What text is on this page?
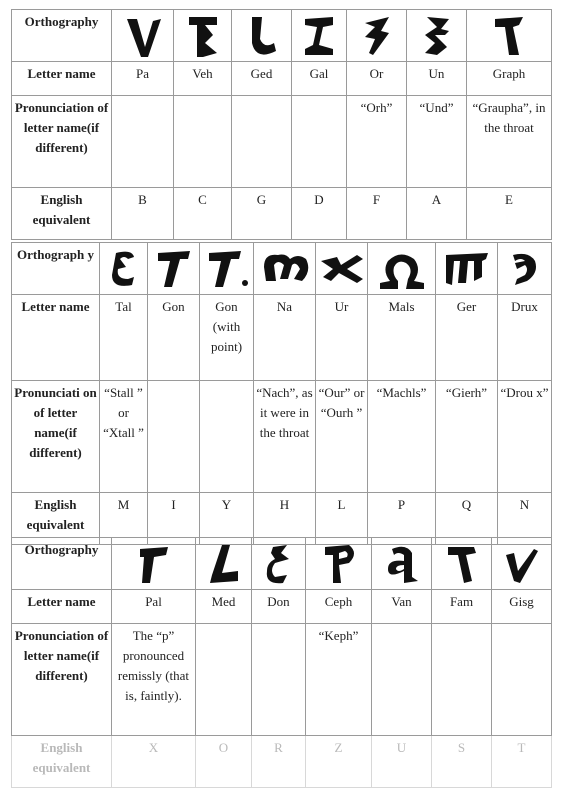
Orthography	

Letter name	Pa	Veh	Ged	Gal	Or	Un	Graph
Pronunciation of letter name(if different)					“Orh”	“Und”	“Graupha”, in the throat
English equivalent	B	C	G	D	F	A	E
Orthograph y	

Letter name	Tal	Gon	Gon (with point)	Na	Ur	Mals	Ger	Drux
Pronunciati on of letter name(if different)	“Stall ” or “Xtall ”			“Nach”, as it were in the throat	“Our” or “Ourh ”	“Machls”	“Gierh”	“Drou x”
English equivalent	M	I	Y	H	L	P	Q	N
Orthography	

Letter name	Pal	Med	Don	Ceph	Van	Fam	Gisg
Pronunciation of letter name(if different)	The “p” pronounced remissly (that is, faintly).			“Keph”			
English equivalent	X	O	R	Z	U	S	T
